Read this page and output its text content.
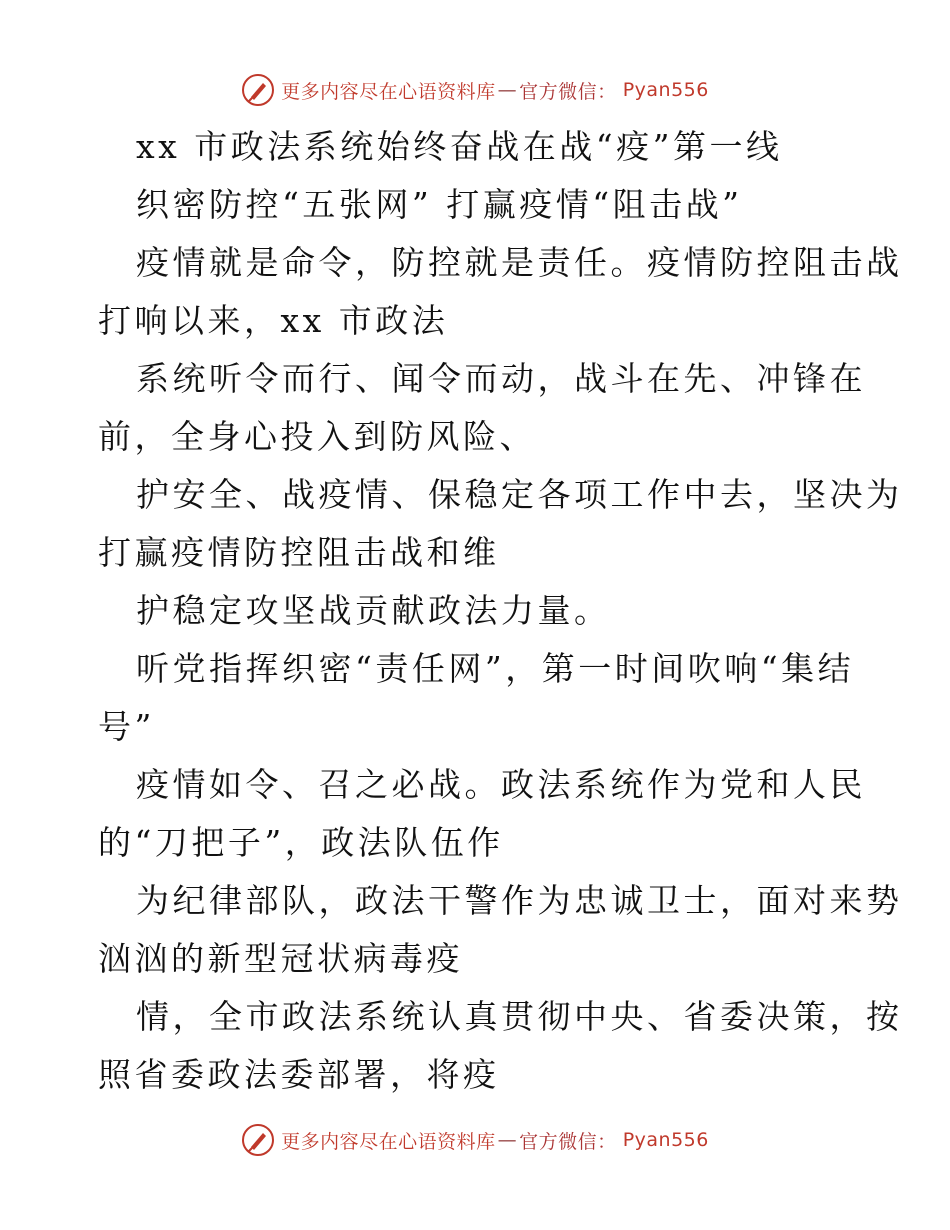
更多内容尽在心语资料库 — 官方微信： Pyan556
xx 市政法系统始终奋战在战“疫”第一线
织密防控“五张网” 打赢疫情“阻击战”
疫情就是命令，防控就是责任。疫情防控阻击战
打响以来，xx 市政法
系统听令而行、闻令而动，战斗在先、冲锋在
前，全身心投入到防风险、
护安全、战疫情、保稳定各项工作中去，坚决为
打赢疫情防控阻击战和维
护稳定攻坚战贡献政法力量。
听党指挥织密“责任网”，第一时间吹响“集结
号”
疫情如令、召之必战。政法系统作为党和人民
的“刀把子”，政法队伍作
为纪律部队，政法干警作为忠诚卫士，面对来势
汹汹的新型冠状病毒疫
情，全市政法系统认真贯彻中央、省委决策，按
照省委政法委部署，将疫
更多内容尽在心语资料库 — 官方微信： Pyan556
